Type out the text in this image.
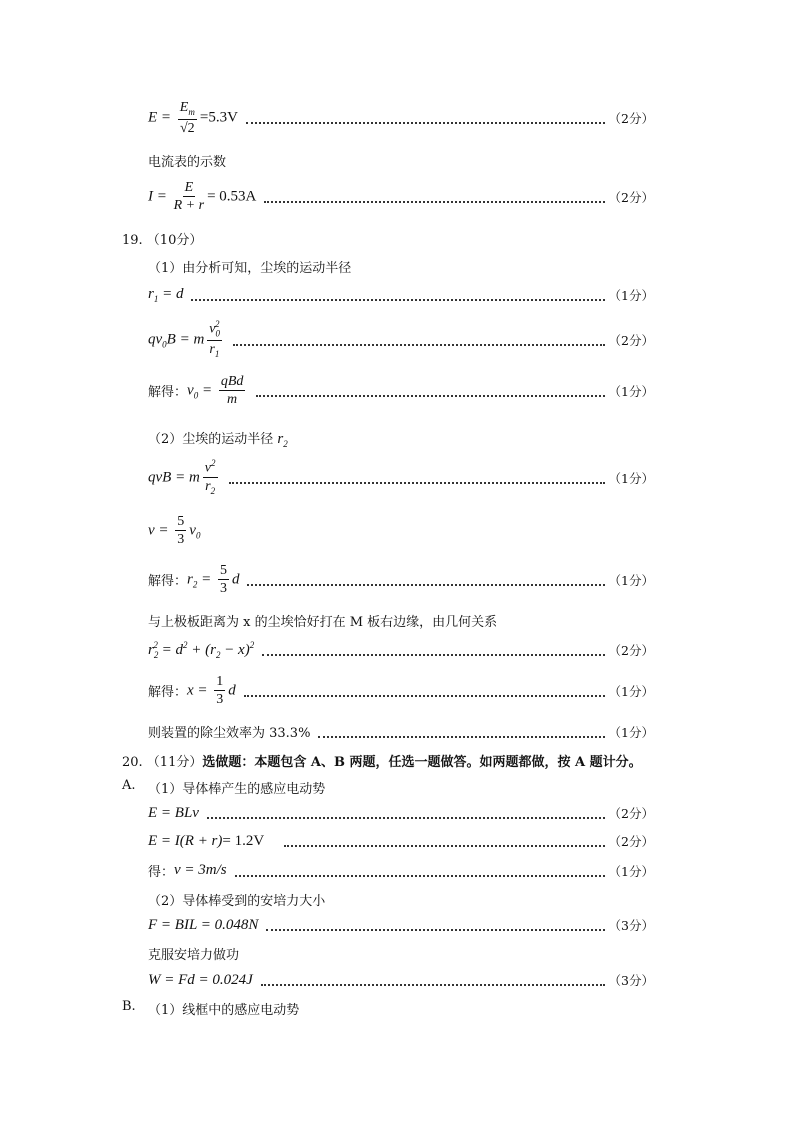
$E = \frac{E_m}{√2} =5.3V$	（2分）
电流表的示数
$I = \frac{E}{R + r} = 0.53A$	（2分）
19. （10分）
（1）由分析可知，尘埃的运动半径
$r_1 = d$	（1分）
$qv_0B = m \frac{v_0^2}{r_1}$	（2分）
解得： $v_0 = \frac{\text{qBd}}{m}$	（1分）
（2）尘埃的运动半径 $r_2$
qvB = m $\frac{v^2}{r_2}$	（1分）
$v = \frac{5}{3} v_0$
解得： $r_2 = \frac{5}{3}$ d	（1分）
与上极板距离为 x 的尘埃恰好打在 M 板右边缘，由几何关系
$r_2^2 = d^2 + (r_2 - x)^2$	（2分）
解得： $x = \frac{1}{3}$ d	（1分）
则装置的除尘效率为 33.3%	（1分）
20. （11分）选做题：本题包含 A、B 两题，任选一题做答。如两题都做，按 A 题计分。
A. （1）导体棒产生的感应电动势
E = BLv	（2分）
E = I(R + r)= 1.2V	（2分）
得： v = 3m/s	（1分）
（2）导体棒受到的安培力大小
F = BIL = 0.048N	（3分）
克服安培力做功
W = Fd = 0.024J	（3分）
B. （1）线框中的感应电动势
